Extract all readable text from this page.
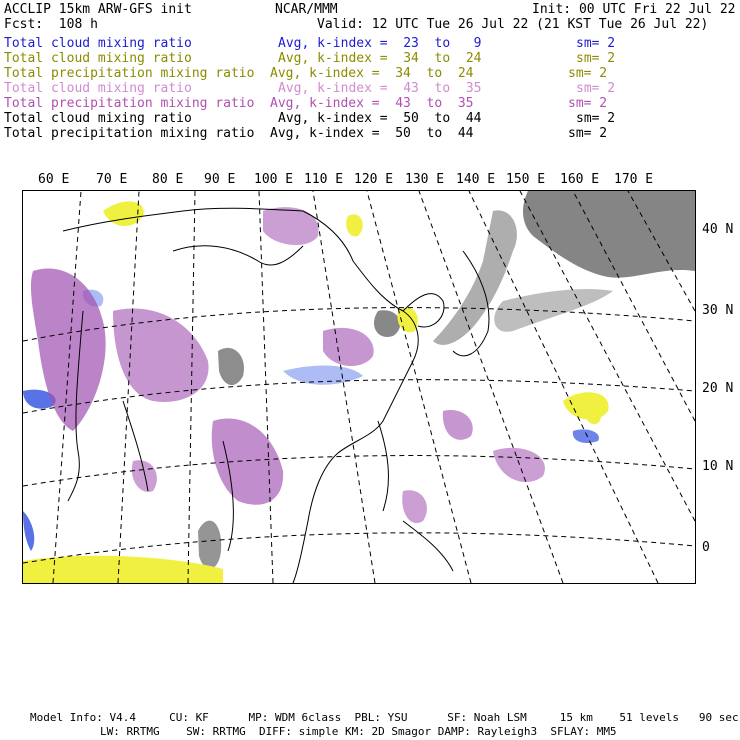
ACCLIP 15km ARW-GFS init	NCAR/MMM	Init: 00 UTC Fri 22 Jul 22
Fcst:  108 h	Valid: 12 UTC Tue 26 Jul 22 (21 KST Tue 26 Jul 22)
Total cloud mixing ratio	Avg, k-index =  23  to   9	sm= 2
Total cloud mixing ratio	Avg, k-index =  34  to  24	sm= 2
Total precipitation mixing ratio Avg, k-index =  34  to  24	sm= 2
Total cloud mixing ratio	Avg, k-index =  43  to  35	sm= 2
Total precipitation mixing ratio Avg, k-index =  43  to  35	sm= 2
Total cloud mixing ratio	Avg, k-index =  50  to  44	sm= 2
Total precipitation mixing ratio Avg, k-index =  50  to  44	sm= 2
60 E 70 E 80 E 90 E 100 E 110 E 120 E 130 E 140 E 150 E 160 E 170 E
40 N
30 N
20 N
10 N
0
Model Info: V4.4     CU: KF      MP: WDM 6class  PBL: YSU      SF: Noah LSM     15 km    51 levels   90 sec
LW: RRTMG    SW: RRTMG  DIFF: simple KM: 2D Smagor DAMP: Rayleigh3  SFLAY: MM5
